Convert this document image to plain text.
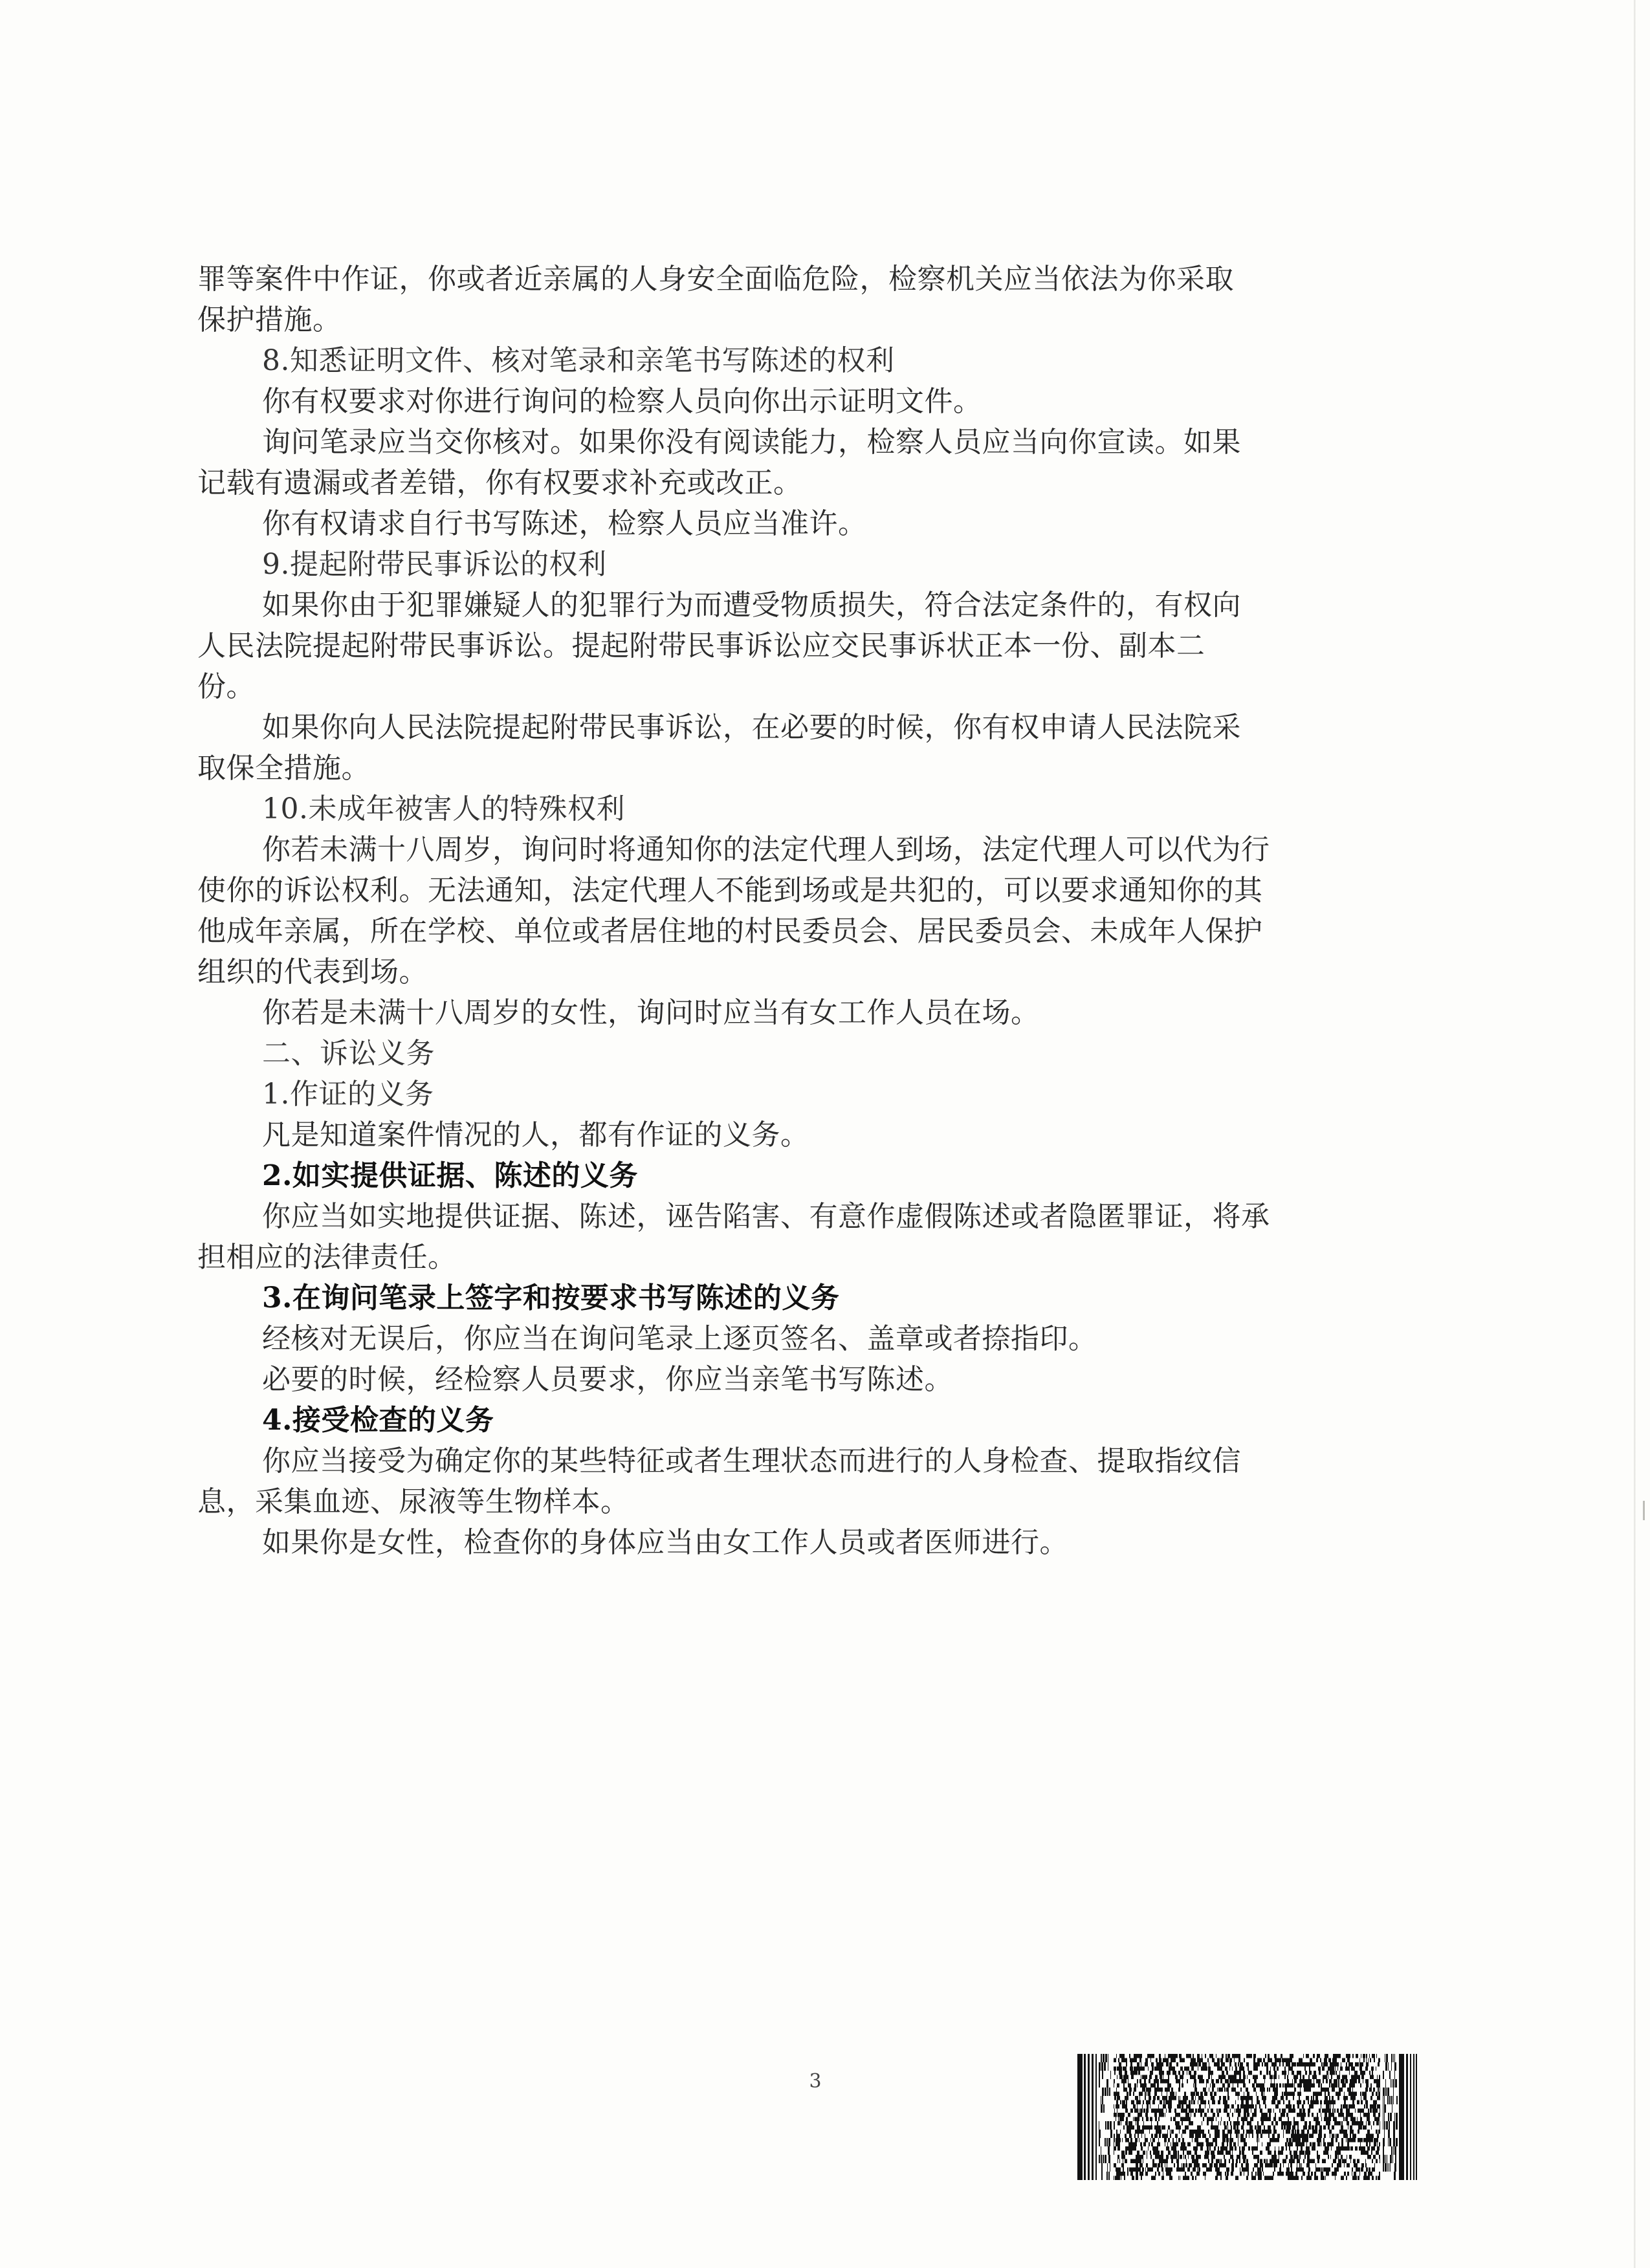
罪等案件中作证，你或者近亲属的人身安全面临危险，检察机关应当依法为你采取
保护措施。
8.知悉证明文件、核对笔录和亲笔书写陈述的权利
你有权要求对你进行询问的检察人员向你出示证明文件。
询问笔录应当交你核对。如果你没有阅读能力，检察人员应当向你宣读。如果
记载有遗漏或者差错，你有权要求补充或改正。
你有权请求自行书写陈述，检察人员应当准许。
9.提起附带民事诉讼的权利
如果你由于犯罪嫌疑人的犯罪行为而遭受物质损失，符合法定条件的，有权向
人民法院提起附带民事诉讼。提起附带民事诉讼应交民事诉状正本一份、副本二
份。
如果你向人民法院提起附带民事诉讼，在必要的时候，你有权申请人民法院采
取保全措施。
10.未成年被害人的特殊权利
你若未满十八周岁，询问时将通知你的法定代理人到场，法定代理人可以代为行
使你的诉讼权利。无法通知，法定代理人不能到场或是共犯的，可以要求通知你的其
他成年亲属，所在学校、单位或者居住地的村民委员会、居民委员会、未成年人保护
组织的代表到场。
你若是未满十八周岁的女性，询问时应当有女工作人员在场。
二、诉讼义务
1.作证的义务
凡是知道案件情况的人，都有作证的义务。
2.如实提供证据、陈述的义务
你应当如实地提供证据、陈述，诬告陷害、有意作虚假陈述或者隐匿罪证，将承
担相应的法律责任。
3.在询问笔录上签字和按要求书写陈述的义务
经核对无误后，你应当在询问笔录上逐页签名、盖章或者捺指印。
必要的时候，经检察人员要求，你应当亲笔书写陈述。
4.接受检查的义务
你应当接受为确定你的某些特征或者生理状态而进行的人身检查、提取指纹信
息，采集血迹、尿液等生物样本。
如果你是女性，检查你的身体应当由女工作人员或者医师进行。
3
